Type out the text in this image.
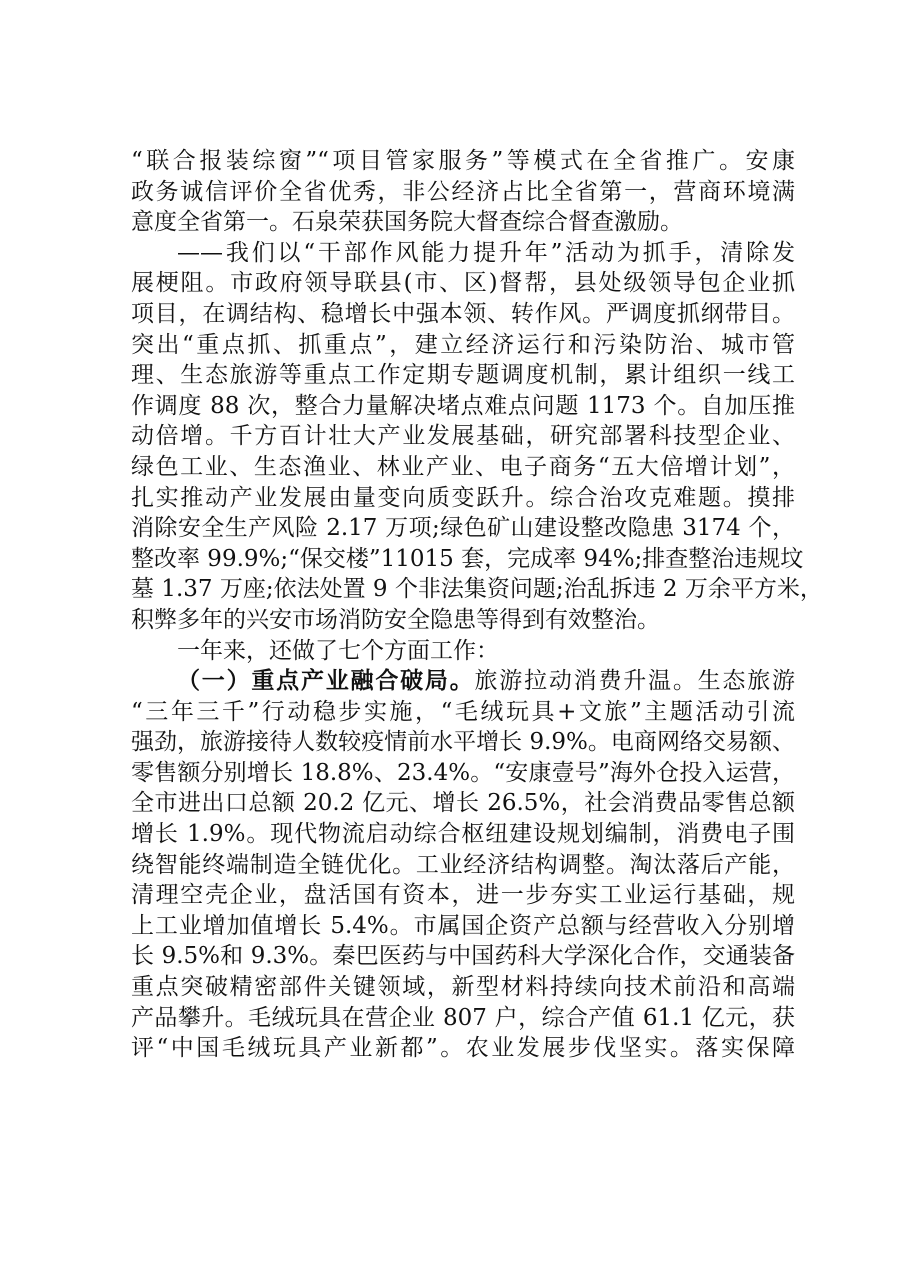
“联合报装综窗”“项目管家服务”等模式在全省推广。安康
政务诚信评价全省优秀，非公经济占比全省第一，营商环境满
意度全省第一。石泉荣获国务院大督查综合督查激励。
——我们以“干部作风能力提升年”活动为抓手，清除发
展梗阻。市政府领导联县(市、区)督帮，县处级领导包企业抓
项目，在调结构、稳增长中强本领、转作风。严调度抓纲带目。
突出“重点抓、抓重点”，建立经济运行和污染防治、城市管
理、生态旅游等重点工作定期专题调度机制，累计组织一线工
作调度 88 次，整合力量解决堵点难点问题 1173 个。自加压推
动倍增。千方百计壮大产业发展基础，研究部署科技型企业、
绿色工业、生态渔业、林业产业、电子商务“五大倍增计划”，
扎实推动产业发展由量变向质变跃升。综合治攻克难题。摸排
消除安全生产风险 2.17 万项;绿色矿山建设整改隐患 3174 个，
整改率 99.9%;“保交楼”11015 套，完成率 94%;排查整治违规坟
墓 1.37 万座;依法处置 9 个非法集资问题;治乱拆违 2 万余平方米，
积弊多年的兴安市场消防安全隐患等得到有效整治。
一年来，还做了七个方面工作：
（一）重点产业融合破局。旅游拉动消费升温。生态旅游
“三年三千”行动稳步实施，“毛绒玩具+文旅”主题活动引流
强劲，旅游接待人数较疫情前水平增长 9.9%。电商网络交易额、
零售额分别增长 18.8%、23.4%。“安康壹号”海外仓投入运营，
全市进出口总额 20.2 亿元、增长 26.5%，社会消费品零售总额
增长 1.9%。现代物流启动综合枢纽建设规划编制，消费电子围
绕智能终端制造全链优化。工业经济结构调整。淘汰落后产能，
清理空壳企业，盘活国有资本，进一步夯实工业运行基础，规
上工业增加值增长 5.4%。市属国企资产总额与经营收入分别增
长 9.5%和 9.3%。秦巴医药与中国药科大学深化合作，交通装备
重点突破精密部件关键领域，新型材料持续向技术前沿和高端
产品攀升。毛绒玩具在营企业 807 户，综合产值 61.1 亿元，获
评“中国毛绒玩具产业新都”。农业发展步伐坚实。落实保障
